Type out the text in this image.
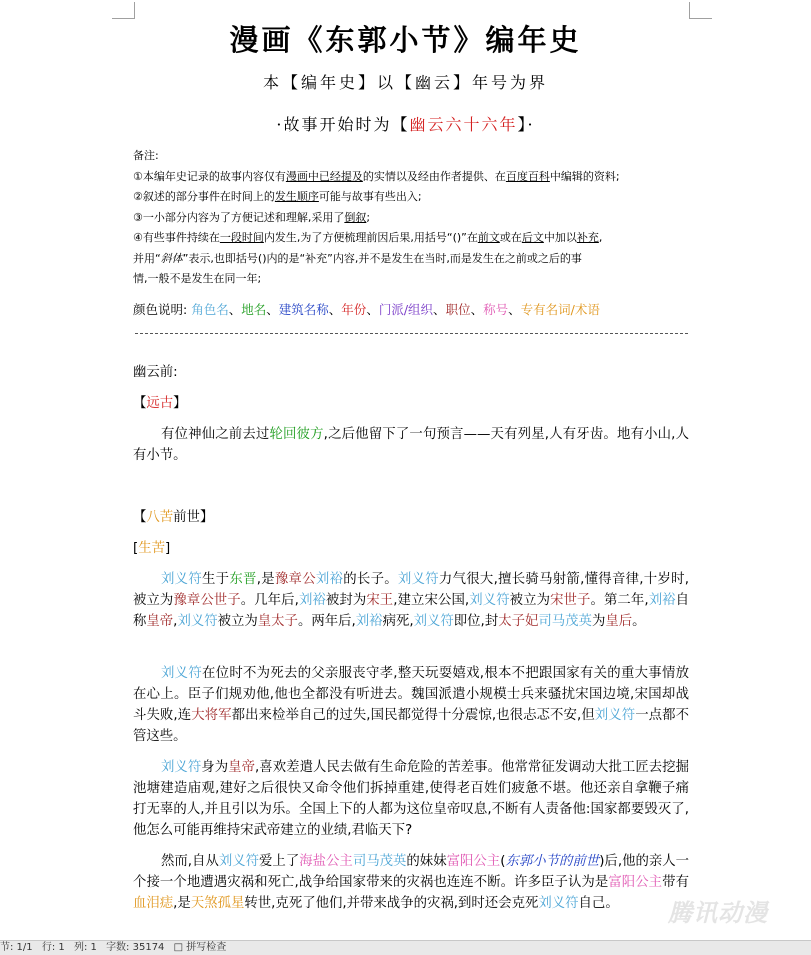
漫画《东郭小节》编年史
本【编年史】以【幽云】年号为界
·故事开始时为【幽云六十六年】·
备注:
①本编年史记录的故事内容仅有漫画中已经提及的实情以及经由作者提供、在百度百科中编辑的资料;
②叙述的部分事件在时间上的发生顺序可能与故事有些出入;
③一小部分内容为了方便记述和理解,采用了倒叙;
④有些事件持续在一段时间内发生,为了方便梳理前因后果,用括号“()”在前文或在后文中加以补充,
并用“斜体”表示,也即括号()内的是“补充”内容,并不是发生在当时,而是发生在之前或之后的事
情,一般不是发生在同一年;
颜色说明: 角色名、地名、建筑名称、年份、门派/组织、职位、称号、专有名词/术语
幽云前:
【远古】

有位神仙之前去过轮回彼方,之后他留下了一句预言——天有列星,人有牙齿。地有小山,人有小节。

【八苦前世】
[生苦]

刘义符生于东晋,是豫章公刘裕的长子。刘义符力气很大,擅长骑马射箭,懂得音律,十岁时,被立为豫章公世子。几年后,刘裕被封为宋王,建立宋公国,刘义符被立为宋世子。第二年,刘裕自称皇帝,刘义符被立为皇太子。两年后,刘裕病死,刘义符即位,封太子妃司马茂英为皇后。

刘义符在位时不为死去的父亲服丧守孝,整天玩耍嬉戏,根本不把跟国家有关的重大事情放在心上。臣子们规劝他,他也全都没有听进去。魏国派遣小规模士兵来骚扰宋国边境,宋国却战斗失败,连大将军都出来检举自己的过失,国民都觉得十分震惊,也很忐忑不安,但刘义符一点都不管这些。

刘义符身为皇帝,喜欢差遣人民去做有生命危险的苦差事。他常常征发调动大批工匠去挖掘池塘建造庙观,建好之后很快又命令他们拆掉重建,使得老百姓们疲惫不堪。他还亲自拿鞭子痛打无辜的人,并且引以为乐。全国上下的人都为这位皇帝叹息,不断有人责备他:国家都要毁灭了,他怎么可能再维持宋武帝建立的业绩,君临天下?

然而,自从刘义符爱上了海盐公主司马茂英的妹妹富阳公主(东郭小节的前世)后,他的亲人一个接一个地遭遇灾祸和死亡,战争给国家带来的灾祸也连连不断。许多臣子认为是富阳公主带有血泪痣,是天煞孤星转世,克死了他们,并带来战争的灾祸,到时还会克死刘义符自己。	腾讯动漫
节: 1/1 行: 1 列: 1 字数: 35174 □ 拼写检查
